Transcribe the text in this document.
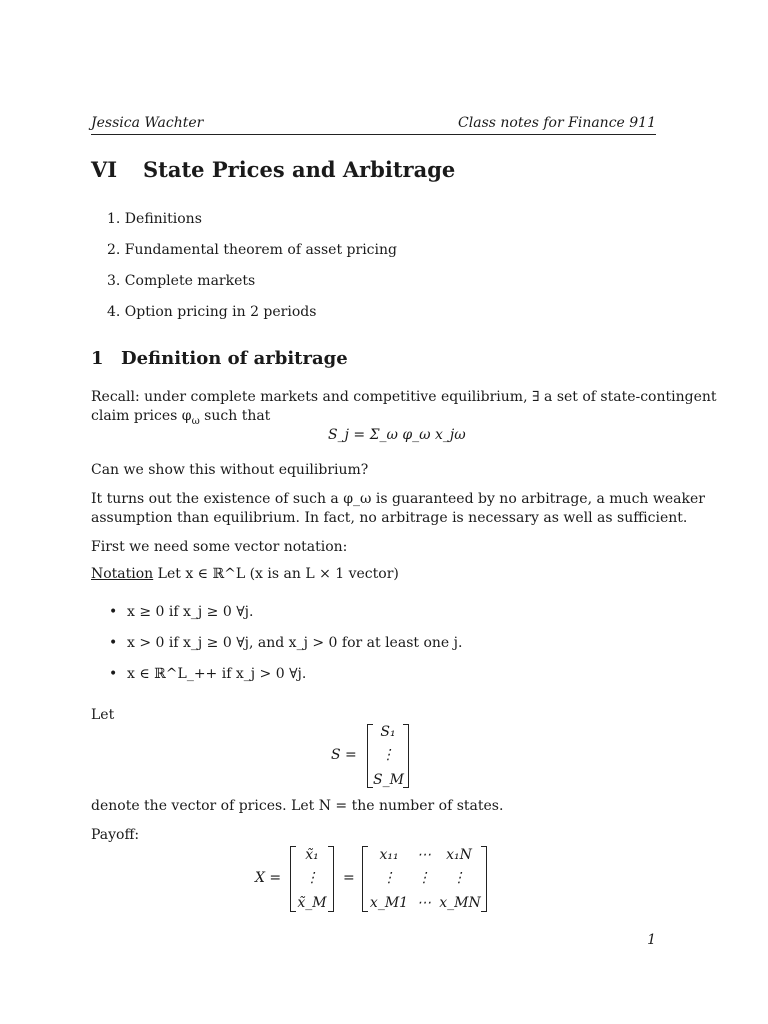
Jessica Wachter	Class notes for Finance 911
VI State Prices and Arbitrage
1. Definitions
2. Fundamental theorem of asset pricing
3. Complete markets
4. Option pricing in 2 periods
1 Definition of arbitrage
Recall: under complete markets and competitive equilibrium, ∃ a set of state-contingent
claim prices $\varphi_\omega$ such that
S_j = Σ_ω φ_ω x_jω
Can we show this without equilibrium?
It turns out the existence of such a φ_ω is guaranteed by no arbitrage, a much weaker
assumption than equilibrium. In fact, no arbitrage is necessary as well as sufficient.
First we need some vector notation:
Notation Let x ∈ ℝ^L (x is an L × 1 vector)
• x ≥ 0 if x_j ≥ 0 ∀j.
• x > 0 if x_j ≥ 0 ∀j, and x_j > 0 for at least one j.
• x ∈ ℝ^L_++ if x_j > 0 ∀j.
Let
S =
S₁
⋮
S_M
denote the vector of prices. Let N = the number of states.
Payoff:
X =
x̃₁
⋮
x̃_M
=
x₁₁	⋯	x₁N
⋮	⋮	⋮
x_M1 ⋯ x_MN
1
